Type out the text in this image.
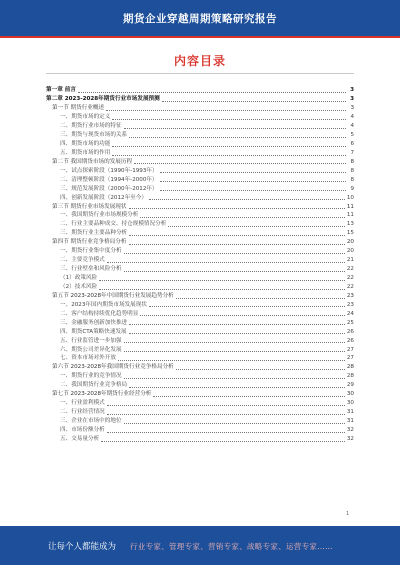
期货企业穿越周期策略研究报告
内容目录
第一章 前言	3
第二章 2023-2028年期货行业市场发展预测	3
第一节 期货行业概述	3
一、期货市场的定义	4
二、期货行业市场的特征	4
三、期货与现货市场的关系	5
四、期货市场的功能	6
五、期货市场的作用	7
第二节 我国期货市场的发展历程	8
一、试点探索阶段（1990年-1993年）	8
二、清理整顿阶段（1994年-2000年）	8
三、规范发展阶段（2000年-2012年）	9
四、创新发展阶段（2012年至今）	10
第三节 期货行业市场发展现状	11
一、我国期货行业市场规模分析	11
二、行业主要品种成交、持仓规模情况分析	13
三、期货行业主要品种分析	15
第四节 期货行业竞争格局分析	20
一、期货行业集中度分析	20
二、主要竞争模式	21
三、行业壁垒和风险分析	22
（1）政策风险	22
（2）技术风险	22
第五节 2023-2028年中国期货行业发展趋势分析	23
一、2023年国内期货市场发展现状	23
二、客户结构持续优化趋势明显	24
三、金融服务创新加快推进	25
四、期货CTA策略快速发展	26
五、行业监管进一步加强	26
六、期货公司差异化发展	27
七、资本市场对外开放	27
第六节 2023-2028年我国期货行业竞争格局分析	28
一、期货行业的竞争情况	28
二、我国期货行业竞争格局	29
第七节 2023-2028年期货行业经营分析	30
一、行业盈利模式	30
二、行业经营情况	31
三、企业在市场中的地位	31
四、市场份额分析	32
五、交易量分析	32
1
让每个人都能成为 行业专家、管理专家、营销专家、战略专家、运营专家……
